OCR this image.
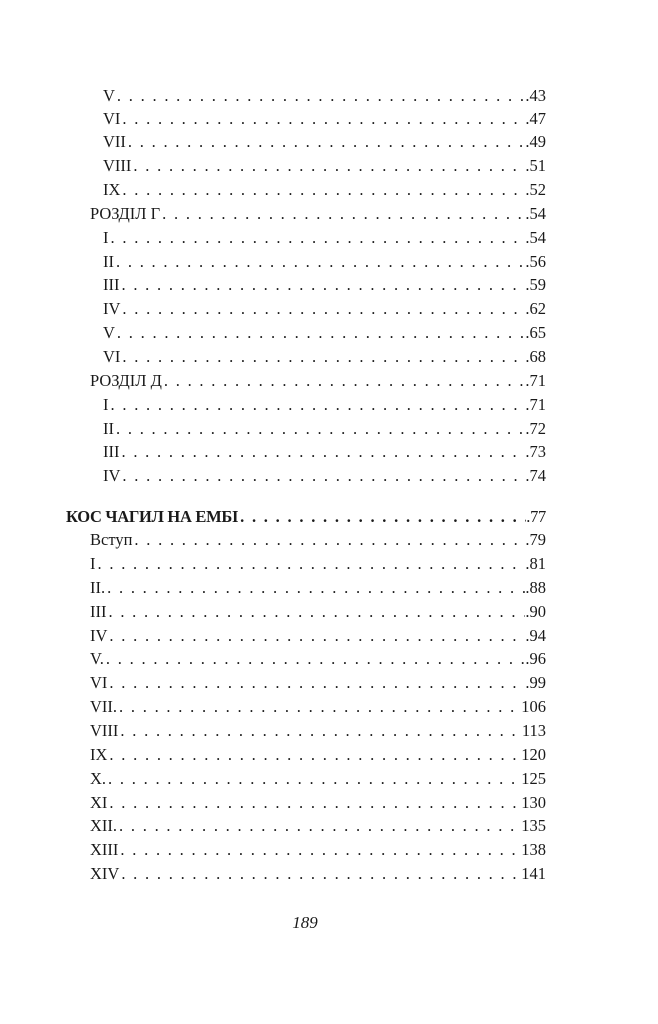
V . . .	.43
VI . . .	.47
VII . . .	.49
VIII . . .	.51
IX . . .	.52
РОЗДІЛ Г . . .	.54
I . . .	.54
II . . .	.56
III . . .	.59
IV . . .	.62
V . . .	.65
VI . . .	.68
РОЗДІЛ Д . . .	.71
I . . .	.71
II . . .	.72
III . . .	.73
IV . . .	.74
КОС ЧАГИЛ НА ЕМБІ . . .	.77
Вступ . . .	.79
I . . .	.81
II. . . .	.88
III . . .	.90
IV . . .	.94
V. . . .	.96
VI . . .	.99
VII. . . .	106
VIII . . .	113
IX . . .	120
X. . . .	125
XI . . .	130
XII. . . .	135
XIII . . .	138
XIV . . .	141
189
